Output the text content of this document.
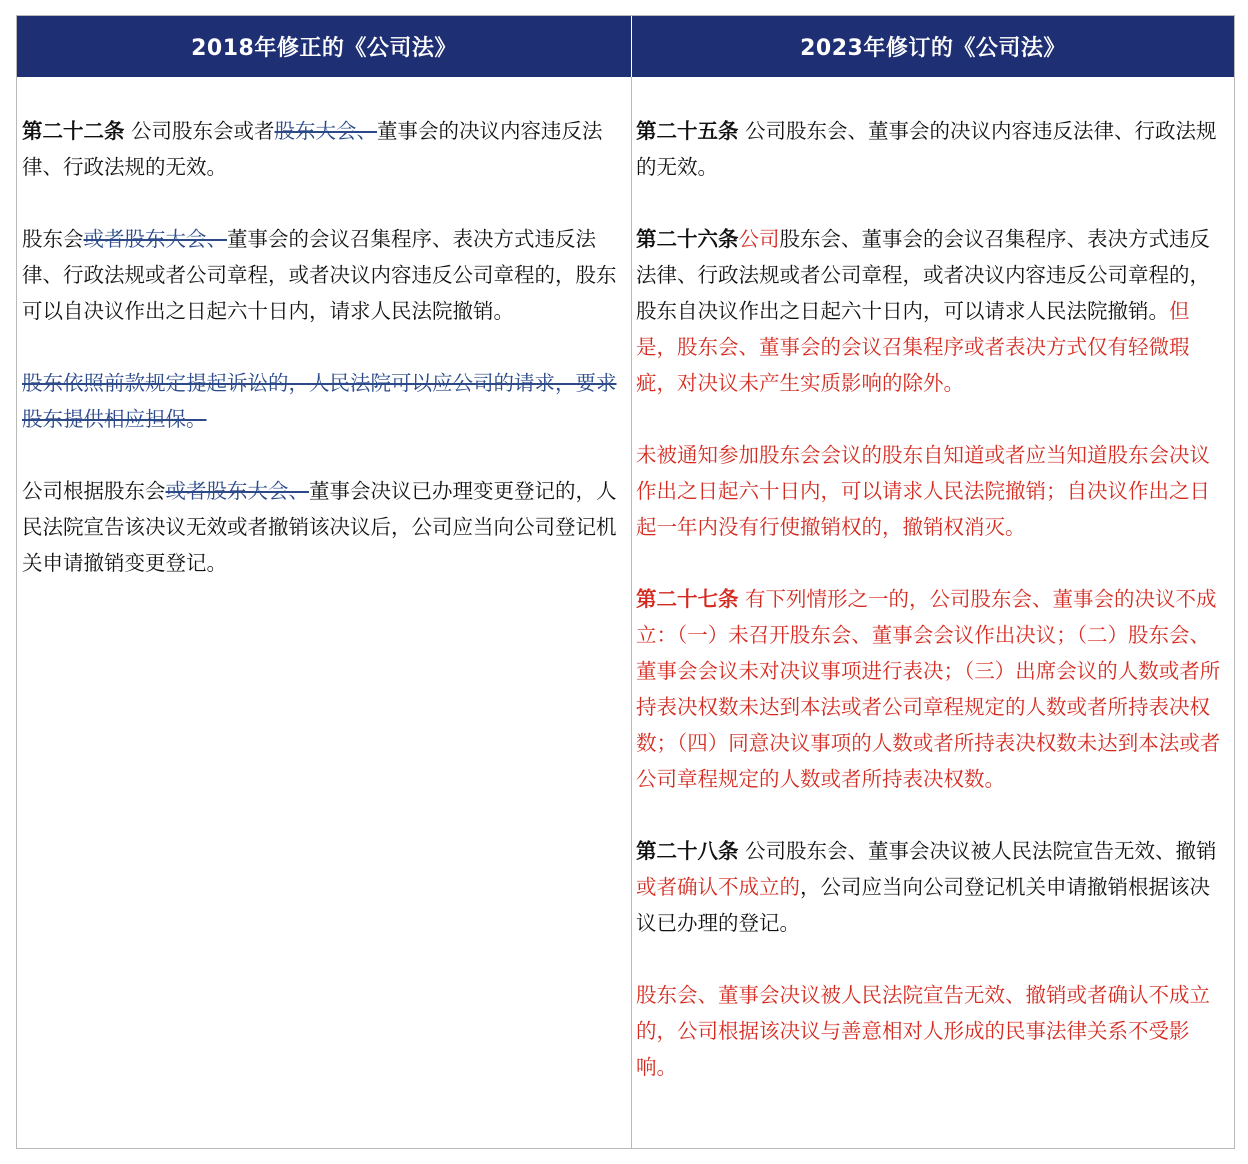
2018年修正的《公司法》	2023年修订的《公司法》

第二十二条 公司股东会或者股东大会、董事会的决议内容违反法律、行政法规的无效。

股东会或者股东大会、董事会的会议召集程序、表决方式违反法律、行政法规或者公司章程，或者决议内容违反公司章程的，股东可以自决议作出之日起六十日内，请求人民法院撤销。

股东依照前款规定提起诉讼的，人民法院可以应公司的请求，要求股东提供相应担保。

公司根据股东会或者股东大会、董事会决议已办理变更登记的，人民法院宣告该决议无效或者撤销该决议后，公司应当向公司登记机关申请撤销变更登记。

第二十五条 公司股东会、董事会的决议内容违反法律、行政法规的无效。

第二十六条公司股东会、董事会的会议召集程序、表决方式违反法律、行政法规或者公司章程，或者决议内容违反公司章程的，股东自决议作出之日起六十日内，可以请求人民法院撤销。但是，股东会、董事会的会议召集程序或者表决方式仅有轻微瑕疵，对决议未产生实质影响的除外。

未被通知参加股东会会议的股东自知道或者应当知道股东会决议作出之日起六十日内，可以请求人民法院撤销；自决议作出之日起一年内没有行使撤销权的，撤销权消灭。

第二十七条 有下列情形之一的，公司股东会、董事会的决议不成立：（一）未召开股东会、董事会会议作出决议；（二）股东会、董事会会议未对决议事项进行表决；（三）出席会议的人数或者所持表决权数未达到本法或者公司章程规定的人数或者所持表决权数；（四）同意决议事项的人数或者所持表决权数未达到本法或者公司章程规定的人数或者所持表决权数。

第二十八条 公司股东会、董事会决议被人民法院宣告无效、撤销或者确认不成立的，公司应当向公司登记机关申请撤销根据该决议已办理的登记。

股东会、董事会决议被人民法院宣告无效、撤销或者确认不成立的，公司根据该决议与善意相对人形成的民事法律关系不受影响。
